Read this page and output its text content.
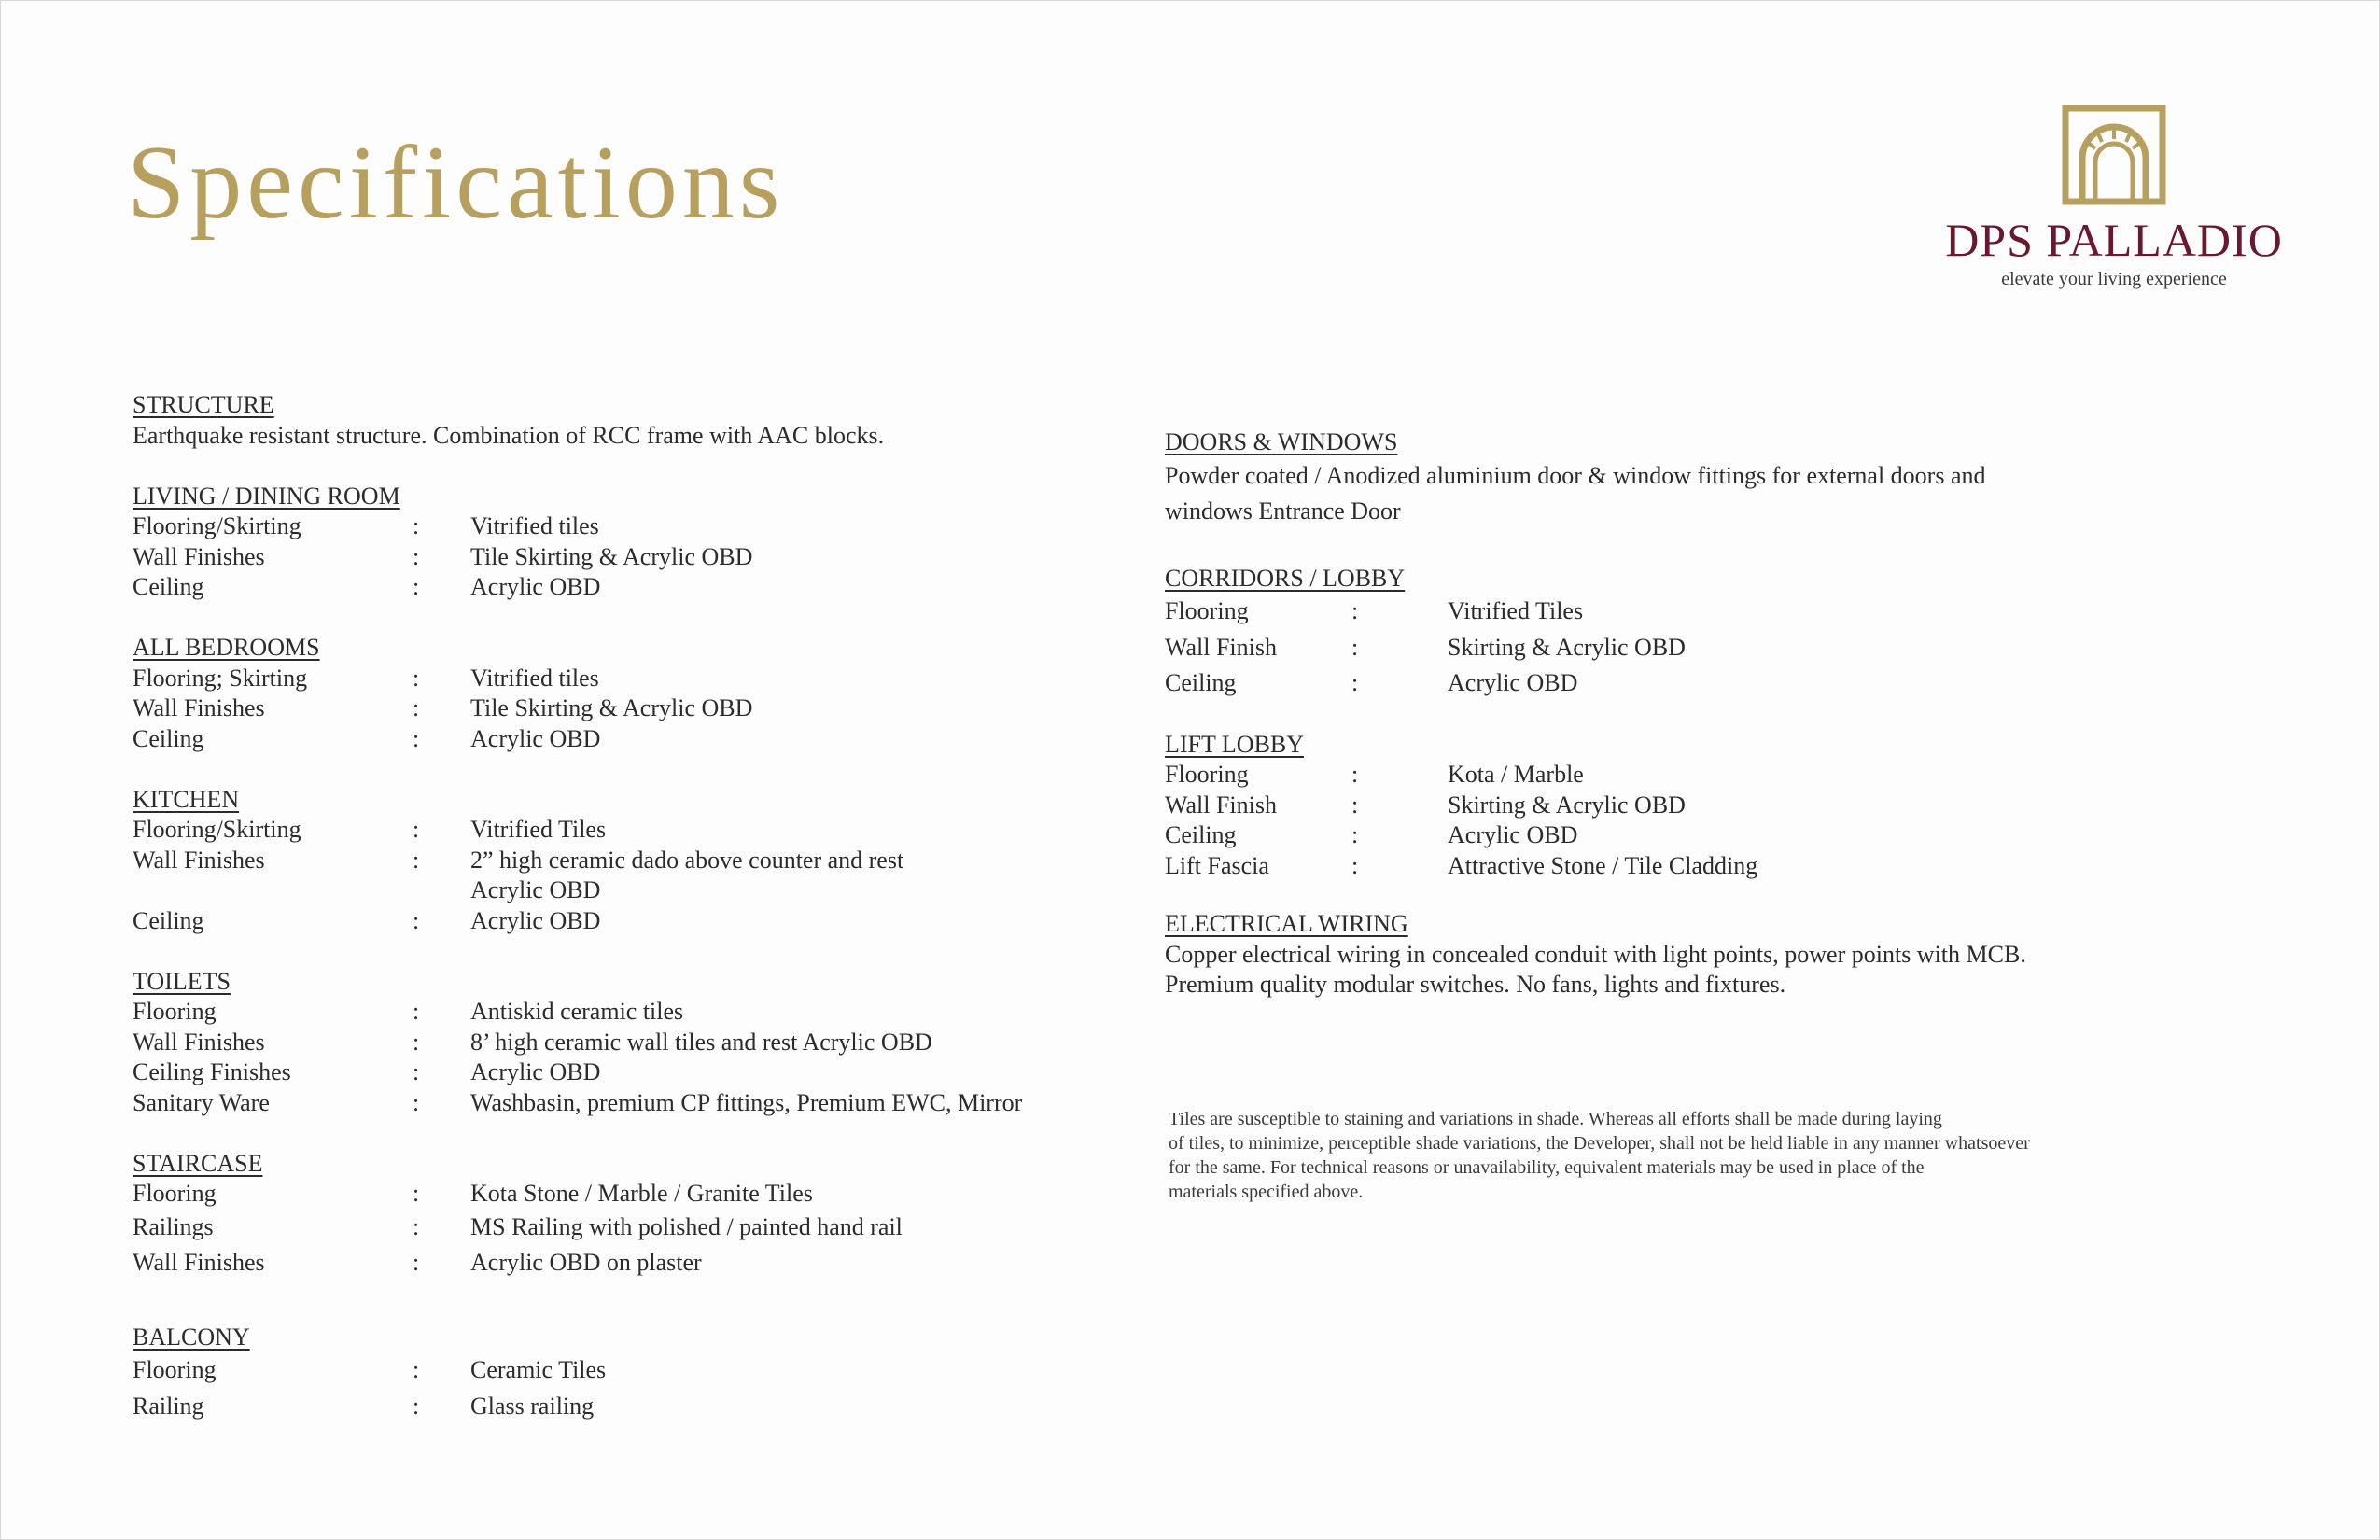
Specifications	DPS PALLADIO
elevate your living experience
STRUCTURE
Earthquake resistant structure. Combination of RCC frame with AAC blocks.
LIVING / DINING ROOM
Flooring/Skirting	:	Vitrified tiles
Wall Finishes	:	Tile Skirting & Acrylic OBD
Ceiling	:	Acrylic OBD
ALL BEDROOMS
Flooring; Skirting	:	Vitrified tiles
Wall Finishes	:	Tile Skirting & Acrylic OBD
Ceiling	:	Acrylic OBD
KITCHEN
Flooring/Skirting	:	Vitrified Tiles
Wall Finishes	:	2” high ceramic dado above counter and rest
Acrylic OBD
Ceiling	:	Acrylic OBD
TOILETS
Flooring	:	Antiskid ceramic tiles
Wall Finishes	:	8’ high ceramic wall tiles and rest Acrylic OBD
Ceiling Finishes	:	Acrylic OBD
Sanitary Ware	:	Washbasin, premium CP fittings, Premium EWC, Mirror
STAIRCASE
Flooring	:	Kota Stone / Marble / Granite Tiles
Railings	:	MS Railing with polished / painted hand rail
Wall Finishes	:	Acrylic OBD on plaster
BALCONY
Flooring	:	Ceramic Tiles
Railing	:	Glass railing
DOORS & WINDOWS
Powder coated / Anodized aluminium door & window fittings for external doors and
windows Entrance Door
CORRIDORS / LOBBY
Flooring	:	Vitrified Tiles
Wall Finish	:	Skirting & Acrylic OBD
Ceiling	:	Acrylic OBD
LIFT LOBBY
Flooring	:	Kota / Marble
Wall Finish	:	Skirting & Acrylic OBD
Ceiling	:	Acrylic OBD
Lift Fascia	:	Attractive Stone / Tile Cladding
ELECTRICAL WIRING
Copper electrical wiring in concealed conduit with light points, power points with MCB.
Premium quality modular switches. No fans, lights and fixtures.
Tiles are susceptible to staining and variations in shade. Whereas all efforts shall be made during laying
of tiles, to minimize, perceptible shade variations, the Developer, shall not be held liable in any manner whatsoever
for the same. For technical reasons or unavailability, equivalent materials may be used in place of the
materials specified above.
